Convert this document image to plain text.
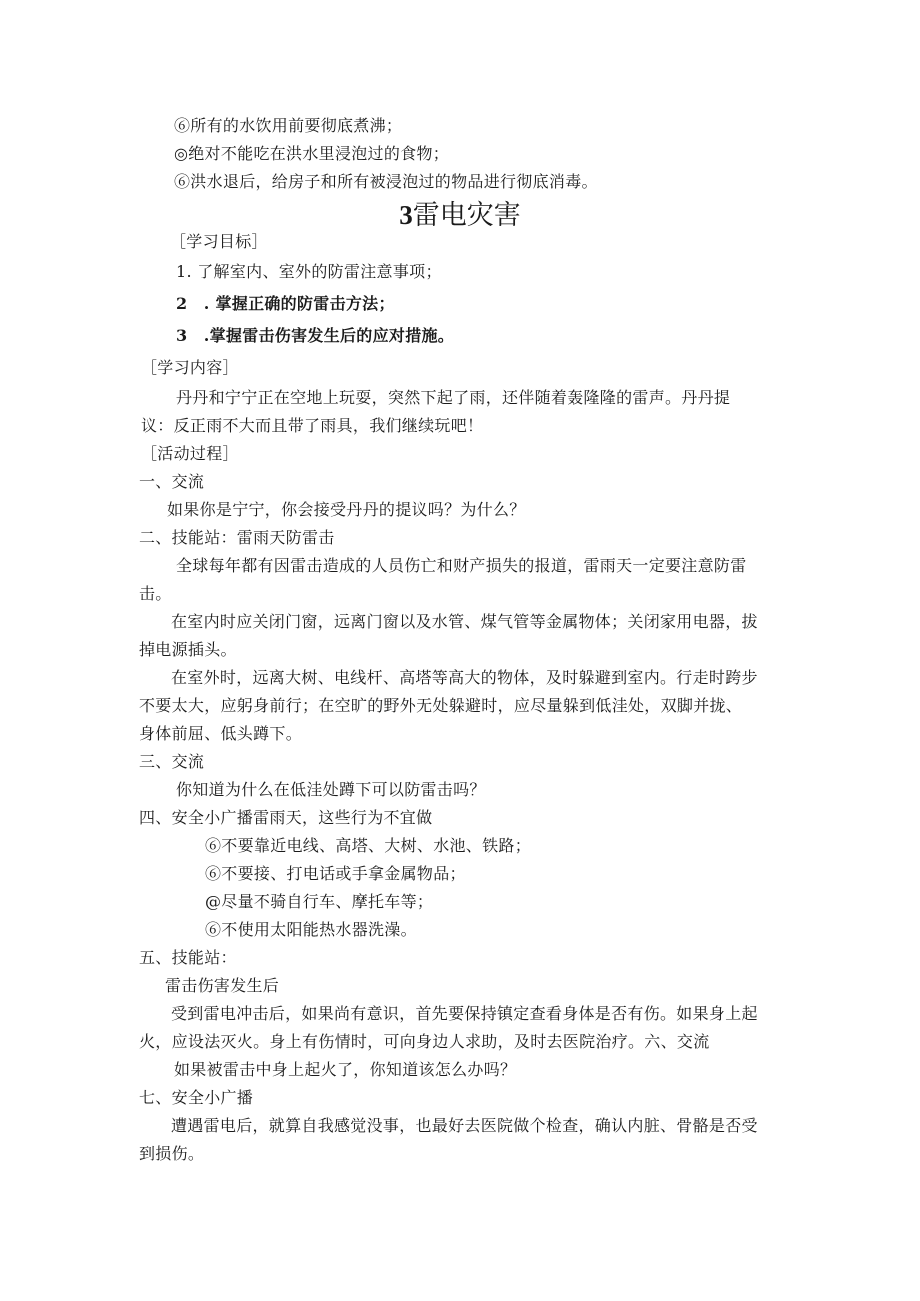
⑥所有的水饮用前要彻底煮沸；
◎绝对不能吃在洪水里浸泡过的食物；
⑥洪水退后，给房子和所有被浸泡过的物品进行彻底消毒。
3雷电灾害
［学习目标］
1. 了解室内、室外的防雷注意事项；
2　. 掌握正确的防雷击方法；
3　.掌握雷击伤害发生后的应对措施。
［学习内容］
丹丹和宁宁正在空地上玩耍，突然下起了雨，还伴随着轰隆隆的雷声。丹丹提
议：反正雨不大而且带了雨具，我们继续玩吧！
［活动过程］
一、交流
如果你是宁宁，你会接受丹丹的提议吗？为什么？
二、技能站：雷雨天防雷击
全球每年都有因雷击造成的人员伤亡和财产损失的报道，雷雨天一定要注意防雷
击。
在室内时应关闭门窗，远离门窗以及水管、煤气管等金属物体；关闭家用电器，拔
掉电源插头。
在室外时，远离大树、电线杆、高塔等高大的物体，及时躲避到室内。行走时跨步
不要太大，应躬身前行；在空旷的野外无处躲避时，应尽量躲到低洼处，双脚并拢、
身体前屈、低头蹲下。
三、交流
你知道为什么在低洼处蹲下可以防雷击吗？
四、安全小广播雷雨天，这些行为不宜做
⑥不要靠近电线、高塔、大树、水池、铁路；
⑥不要接、打电话或手拿金属物品；
@尽量不骑自行车、摩托车等；
⑥不使用太阳能热水器洗澡。
五、技能站：
雷击伤害发生后
受到雷电冲击后，如果尚有意识，首先要保持镇定查看身体是否有伤。如果身上起
火，应设法灭火。身上有伤情时，可向身边人求助，及时去医院治疗。六、交流
如果被雷击中身上起火了，你知道该怎么办吗？
七、安全小广播
遭遇雷电后，就算自我感觉没事，也最好去医院做个检查，确认内脏、骨骼是否受
到损伤。
